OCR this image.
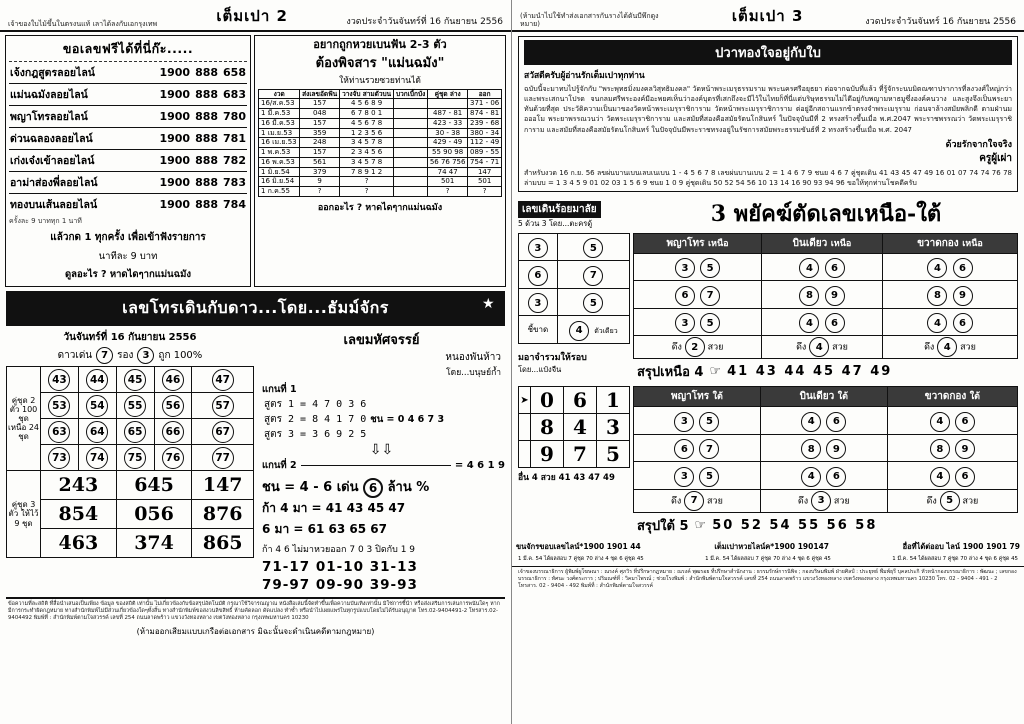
เจ้าของใบไม้ขึ้นในตรงนแท้ เลาได้ลงกับเอกรุงเทพ	เต็มเปา 2	งวดประจำวันจันทร์ที่ 16 กันยายน 2556
ขอเลขฟรีได้ที่นี่ก๊ะ.....
เจ้งกฎสูตรลอยไลน์	1900 888 658
แม่นฉมังลอยไลน์	1900 888 683
พญาโทรลอยไลน์	1900 888 780
ด่วนฉลองลอยไลน์	1900 888 781
เก่งเจ๋งเข้าลอยไลน์	1900 888 782
อาม่าส่องพี่ลอยไลน์	1900 888 783
ทองบนเส้นลอยไลน์	1900 888 784
ครั้งละ 9 บาททุก 1 นาที
แล้วกด 1 ทุกครั้ง เพื่อเข้าฟังรายการ
นาทีละ 9 บาท
ดูลอะไร ? หาดไดๆากแม่นฉมัง
อยากถูกหวยเบนฟัน 2-3 ตัว
ต้องพิจสาร "แม่นฉมัง"
ให้ท่านรวยซวยท่านได้
งวด	ส่งเลขอัดฟัน	วางจับ สามตัวบน	บวกเบิ้กบัง	คู่ชุด ล่าง	ออก
16/ส.ค.53	157	4 5 6 8 9			371 - 06
1 มี.ค.53	048	6 7 8 0 1		487 - 81	874 - 81
16 มี.ค.53	157	4 5 6 7 8		423 - 33	239 - 68
1 เม.ย.53	359	1 2 3 5 6		30 - 38	380 - 34
16 เม.ย.53	248	3 4 5 7 8		429 - 49	112 - 49
1 พ.ค.53	157	2 3 4 5 6		55 90 98	089 - 55
16 พ.ค.53	561	3 4 5 7 8		56 76 756	754 - 71
1 มิ.ย.54	379	7 8 9 1 2		74 47	147
16 มิ.ย.54	9	?		501	501
1 ก.ค.55	?	?		?	?
ออกอะไร ? หาดไดๆากแม่นฉมัง
เลขโทรเดินกับดาว...โดย...ธัมม์จักร	★
วันจันทร์ที่ 16 กันยายน 2556
ดาวเด่น 7 รอง 3 ถูก 100%
คู่ชุด 2 ตัว 100 ชุด เหนือ 24 ชุด	43	44	45	46	47
	53	54	55	56	57
	63	64	65	66	67
	73	74	75	76	77
คู่ชุด 3 ตัว ให้ไว้ 9 ชุด	243		645		147
	854		056		876
	463		374		865
เลขมหัศจรรย์
หนองพันห้าว
โดย...บนุษย์ก้ำ
แกนที่ 1
สูตร 1 = 4 7 0 3 6
สูตร 2 = 8 4 1 7 0
สูตร 3 = 3 6 9 2 5
ชน = 0 4 6 7 3
⇩⇩
แกนที่ 2	= 4 6 1 9
ชน = 4 - 6 เด่น 6 ล้าน %
ก้า 4 มา = 41 43 45 47
6 มา = 61 63 65 67
ก้า 4 6 ไม่มาหวยออก 7 0 3 ปิดกับ 1 9
71-17 01-10 31-13
79-97 09-90 39-93
ข้อความที่ละสถิติ ที่สื่อนำเสนอเป็นเพียง ข้อมูล ของสถิติ เท่านั้น ไม่เกี่ยวข้องกับข้อสรุปอัตโนมัติ กรุณาใช้วิจารณญาณ หนังสือเล่มนี้จัดทำขึ้นเพื่อความบันเทิงเท่านั้น มิใช่การชี้นำ หรือส่งเสริมการเล่นการพนันใดๆ หากมีการกระทำผิดกฎหมาย ทางสำนักพิมพ์ไม่มีส่วนเกี่ยวข้องใดๆทั้งสิ้น ทางสำนักพิมพ์ขอสงวนลิขสิทธิ์ ห้ามคัดลอก ดัดแปลง ทำซ้ำ หรือนำไปเผยแพร่ในทุกรูปแบบโดยไม่ได้รับอนุญาต โทร.02-9404491-2 โทรสาร.02-9404492 พิมพ์ที่ : สำนักพิมพ์ตามใจสวรรค์ เลขที่ 254 ถนนลาดพร้าว แขวงวังทองหลาง เขตวังทองหลาง กรุงเทพมหานคร 10230
(ห้ามออกเสียมแบบเกรือต่อเอกสาร มิฉะนั้นจะดำเนินคดีตามกฎหมาย)
(ห้ามนำไปใช้ทำส่งเอกสารกันรางได้ดันบีพึกดูงหมาย)	เต็มเปา 3	งวดประจำวันจันทร์ 16 กันยายน 2556
ปวาทองใจอยู่กับใบ
สวัสดีครับผู้อ่านรักเต็มเปาทุกท่าน
ฉบับนี้จะมาทบไปรู้จักกับ "พระพุทธมิ่งมงคลวิสุทธิมงคล" วัดหน้าพระเมรุธรรมราม พระนครศรีอยุธยา ต่อจากฉบับที่แล้ว ที่รู้จักระนบมิตณฑาปราการที่ลงวงศ์ใหญ่กว่า และพระเสกนาโปรด จนกลมศรีพระองค์มีอะพยศเห็นว่าองค์บุตรที่เสกถึงจะมีไว้ในไทยก็ที่นี่แต่บริษุทธรรมไม่ไดีอยู่กับพญามหาธมูซึ่งองค์คนวาง และสูงจึงเป็นพระยาทันด้วยที่สุด ประวัติความเป็นมาของวัดหน้าพระเมรุราชิการาม วัดหน้าพระเมรุราชิการาม ต่อยู่อีกสถานแรกข้าตรงจำพระเมรุราม ก่อนจาล้างสมัยพลิกดี ตามฝ่านมอออโม พระยาพรรณวนว่า วัดพระเมรุราชิการาม และสมัยที่สองคือสมัยรัตนโกสินทร์ ในปัจจุบันมีที่ 2 ทรงสร้างขึ้นเมื่อ พ.ศ.2047 พระราชพรรณว่า วัดพระเมรุราชิการาม และสมัยที่สองคือสมัยรัตนโกสินทร์ ในปัจจุบันมีพระราชทรงอยู่ในรัชการสมัยพระธรรมขันธ์ที่ 2 ทรงสร้างขึ้นเมื่อ พ.ศ. 2047
ด้วยรักจากใจจริง
ครูผู้เผ่า
สำหรับงวด 16 ก.ย. 56 ลขผ่นบานเบนเลบเนเบน 1 - 4 5 6 7 8 เลขผ่นบานเบน 2 = 1 4 6 7 9 ชนย 4 6 7 คู่ชุดเดิน 41 43 45 47 49 16 01 07 74 74 76 78 ล่ามบบ = 1 3 4 5 9 01 02 03 1 5 6 9 ชนย 1 0 9 คู่ชุดเดิน 50 52 54 56 10 13 14 16 90 93 94 96 ขอให้ทุกท่านโชคดีครับ
เลขเดินร้อยมาลัย
5 ด้วน 3 โดย...ตะครดู้	3 พยัคฆ์ตัดเลขเหนือ-ใต้
3	5
6	7
3	5
ชี้ขาด	4 ตัวเดียว
มอาจำรวมให้รอบ
โดย...แป๋งจืน
พญาโทร เหนือ	บินเดียว เหนือ	ขวาดกอง เหนือ
3 5	4 6	4 6
6 7	8 9	8 9
3 5	4 6	4 6
ดึง 2 สวย	ดึง 4 สวย	ดึง 4 สวย
สรุปเหนือ 4 ☞ 41 43 44 45 47 49
➤	0	6	1
	8	4	3
	9	7	5
อื่น 4 สวย 41 43 47 49
พญาโทร ใต้	บินเดียว ใต้	ขวาดกอง ใต้
3 5	4 6	4 6
6 7	8 9	8 9
3 5	4 6	4 6
ดึง 7 สวย	ดึง 3 สวย	ดึง 5 สวย
สรุปใต้ 5 ☞ 50 52 54 55 56 58
ขนจักรขอบเลขไลน์*1900 1901 44	เต็มเปาหวยไลน์ค*1900 190147	อื่อที่ได้ต่ออบ ไลน์ 1900 1901 79
1 มี.ค. 54 ได้ผลสอบ 7 คู่ชุด 70 ล่าง 4 ชุด 6 คู่ชุด 45	1 มี.ค. 54 ได้ผลสอบ 7 คู่ชุด 70 ล่าง 4 ชุด 6 คู่ชุด 45	1 มี.ค. 54 ได้ผลสอบ 7 คู่ชุด 70 ล่าง 4 ชุด 6 คู่ชุด 45
เจ้าของบรรณาธิการ ผู้พิมพ์ผูโฆษณา : ณรงค์ ศุภวิร ที่ปรึกษากฎหมาย : ณรงค์ พุฒรอย ที่ปรึกษาสำนักงาน : ธรรมรักษ์การนิพิจ ; กองบริษมพิมพ์ ฝ่ายศิลป์ : ประยุทธ์ พืมพ์ธุรี บุคลประกิ หัวหน้ากองบรรณาธิการ : พัฒนะ ; เลขกองบรรณาธิการ : ทัศนะ วงศ์ตระการ ; ปริมณฑ์ที่ : วิคมาไพรณ์ ; ช่วยโรงพิมพ์ : สำนักพิมพ์ตามใจสวรรค์ เลขที่ 254 ถนนลาดพร้าว แขวงวังทองหลาง เขตวังทองหลาง กรุงเทพมหานคร 10230 โทร. 02 - 9404 - 491 - 2 โทรสาร. 02 - 9404 - 492 พิมพ์ที่ : สำนักพิมพ์ตามใจสวรรค์
